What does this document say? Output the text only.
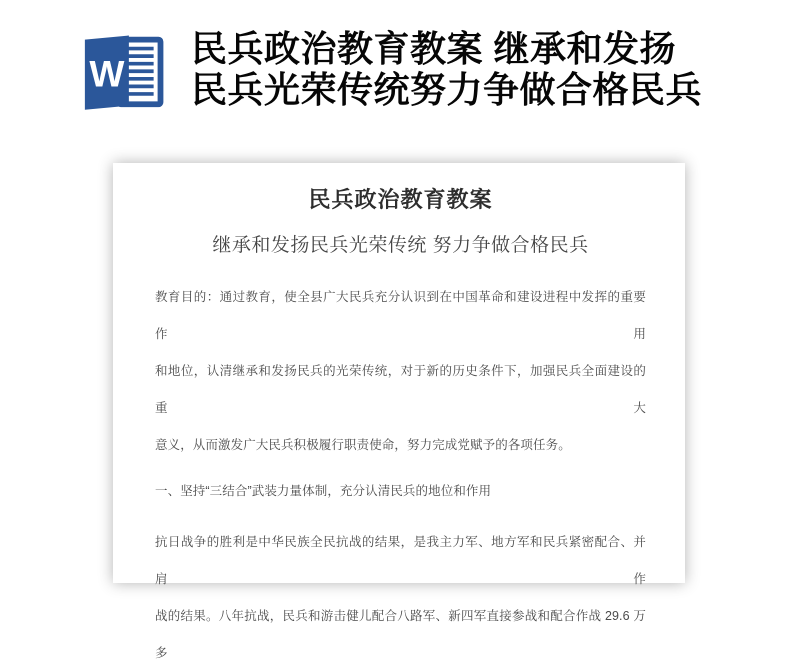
W
民兵政治教育教案 继承和发扬
民兵光荣传统努力争做合格民兵
民兵政治教育教案
继承和发扬民兵光荣传统 努力争做合格民兵
教育目的：通过教育，使全县广大民兵充分认识到在中国革命和建设进程中发挥的重要作用
和地位，认清继承和发扬民兵的光荣传统，对于新的历史条件下，加强民兵全面建设的重大
意义，从而激发广大民兵积极履行职责使命，努力完成党赋予的各项任务。
一、坚持“三结合”武装力量体制，充分认清民兵的地位和作用
抗日战争的胜利是中华民族全民抗战的结果，是我主力军、地方军和民兵紧密配合、并肩作
战的结果。八年抗战，民兵和游击健儿配合八路军、新四军直接参战和配合作战 29.6 万多
